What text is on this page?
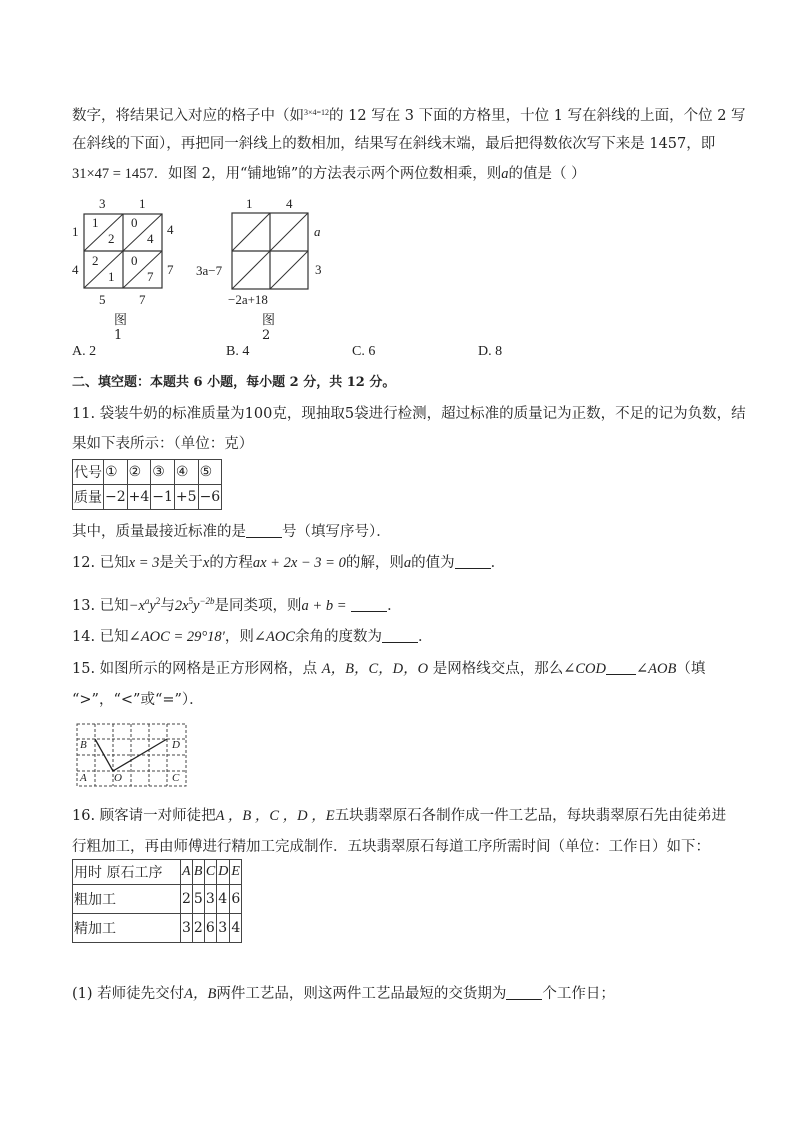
数字，将结果记入对应的格子中（如$^{3\times 4=12}$的 12 写在 3 下面的方格里，十位 1 写在斜线的上面，个位 2 写
在斜线的下面），再把同一斜线上的数相加，结果写在斜线末端，最后把得数依次写下来是 1457，即
31×47 = 1457．如图 2，用“铺地锦”的方法表示两个两位数相乘，则a的值是（ ）
3	1
1
4
4
7
5	7
1
2
0
4
2
1
0
7
图1
1	4
a
3
3a−7
−2a+18
图2
A. 2	B. 4	C. 6	D. 8
二、填空题：本题共 6 小题，每小题 2 分，共 12 分。
11. 袋装牛奶的标准质量为100克，现抽取5袋进行检测，超过标准的质量记为正数，不足的记为负数，结
果如下表所示：（单位：克）
代号	①	②	③	④	⑤
质量	−2	+4	−1	+5	−6
其中，质量最接近标准的是 号（填写序号）．
12. 已知x = 3是关于x的方程ax + 2x − 3 = 0的解，则a的值为 ．
13. 已知$-x^ay^2$与$2x^5y^{-2b}$是同类项，则a + b =	．
14. 已知∠AOC = 29°18′，则∠AOC余角的度数为 ．
15. 如图所示的网格是正方形网格，点 A，B，C，D，O 是网格线交点，那么∠COD ∠AOB（填
“>”，“<”或“=”）．
B	D
A O	C
16. 顾客请一对师徒把A ，B ，C ，D ，E五块翡翠原石各制作成一件工艺品，每块翡翠原石先由徒弟进
行粗加工，再由师傅进行精加工完成制作．五块翡翠原石每道工序所需时间（单位：工作日）如下：
用时 原石工序	A	B	C	D	E
粗加工	2	5	3	4	6
精加工	3	2	6	3	4
(1) 若师徒先交付A，B两件工艺品，则这两件工艺品最短的交货期为 个工作日；
